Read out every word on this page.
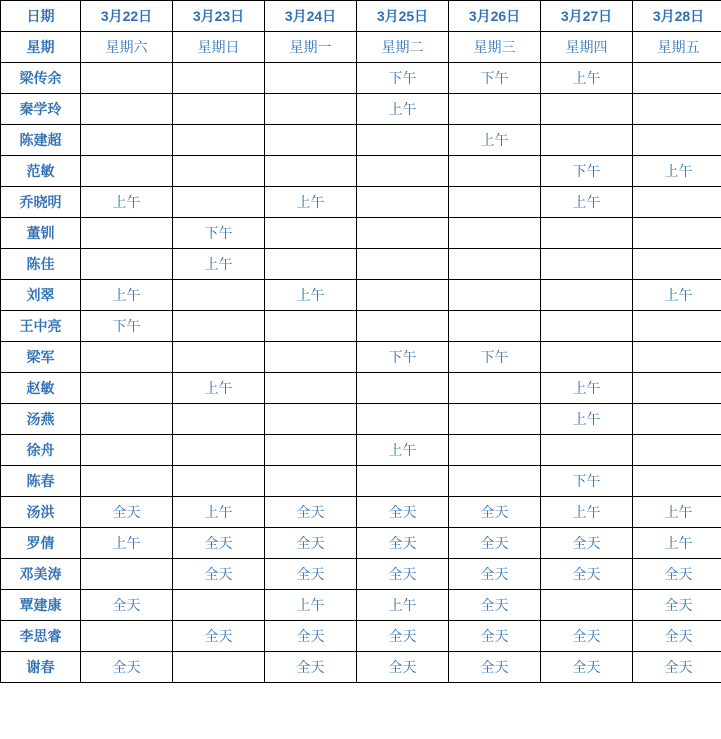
日期	3月22日	3月23日	3月24日	3月25日	3月26日	3月27日	3月28日
星期	星期六	星期日	星期一	星期二	星期三	星期四	星期五
梁传余				下午	下午	上午	
秦学玲				上午			
陈建超					上午		
范敏						下午	上午
乔晓明	上午		上午			上午	
董钏		下午					
陈佳		上午					
刘翠	上午		上午				上午
王中亮	下午						
梁军				下午	下午		
赵敏		上午				上午	
汤燕						上午	
徐舟				上午			
陈春						下午	
汤洪	全天	上午	全天	全天	全天	上午	上午
罗倩	上午	全天	全天	全天	全天	全天	上午
邓美涛		全天	全天	全天	全天	全天	全天
覃建康	全天		上午	上午	全天		全天
李思睿		全天	全天	全天	全天	全天	全天
谢春	全天		全天	全天	全天	全天	全天
